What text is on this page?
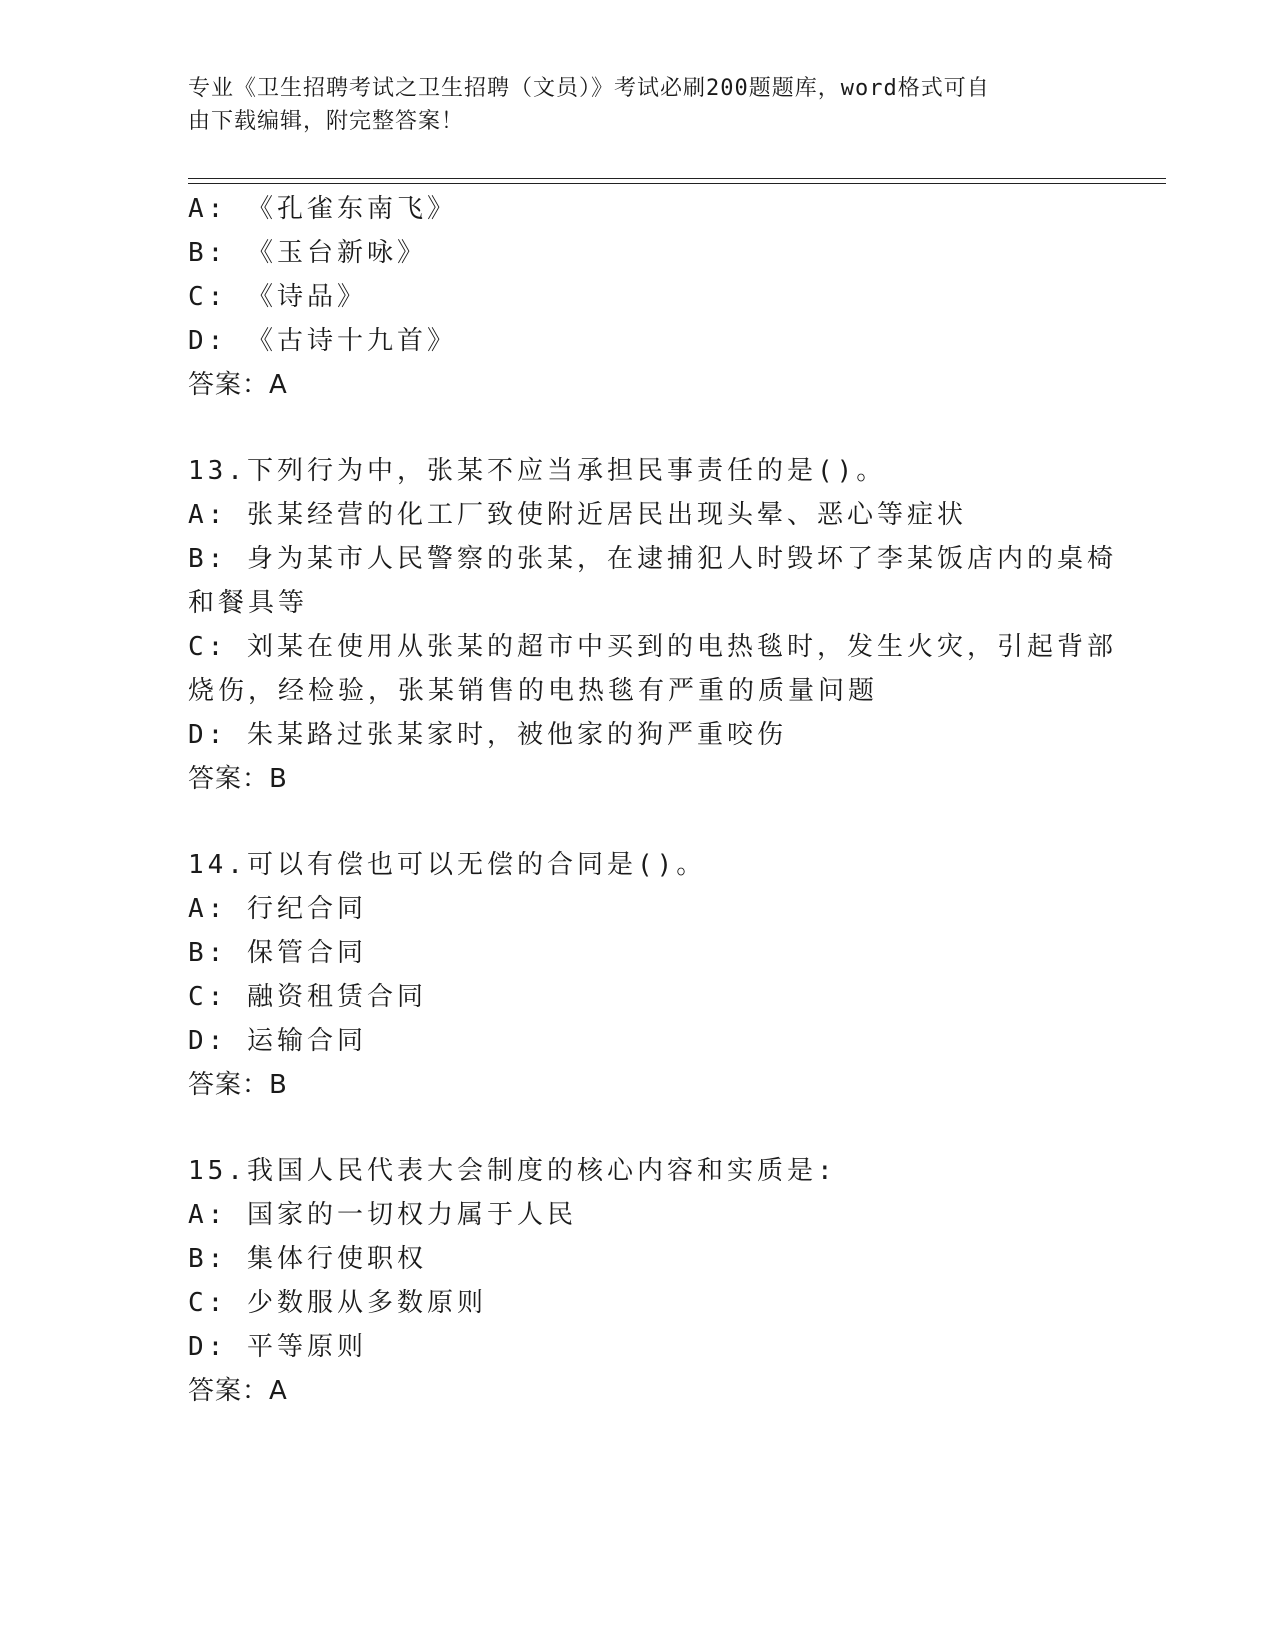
专业《卫生招聘考试之卫生招聘（文员）》考试必刷200题题库，word格式可自
由下载编辑，附完整答案！
A: 《孔雀东南飞》
B: 《玉台新咏》
C: 《诗品》
D: 《古诗十九首》
答案：A
13.下列行为中，张某不应当承担民事责任的是()。
A: 张某经营的化工厂致使附近居民出现头晕、恶心等症状
B: 身为某市人民警察的张某，在逮捕犯人时毁坏了李某饭店内的桌椅
和餐具等
C: 刘某在使用从张某的超市中买到的电热毯时，发生火灾，引起背部
烧伤，经检验，张某销售的电热毯有严重的质量问题
D: 朱某路过张某家时，被他家的狗严重咬伤
答案：B
14.可以有偿也可以无偿的合同是()。
A: 行纪合同
B: 保管合同
C: 融资租赁合同
D: 运输合同
答案：B
15.我国人民代表大会制度的核心内容和实质是:
A: 国家的一切权力属于人民
B: 集体行使职权
C: 少数服从多数原则
D: 平等原则
答案：A
